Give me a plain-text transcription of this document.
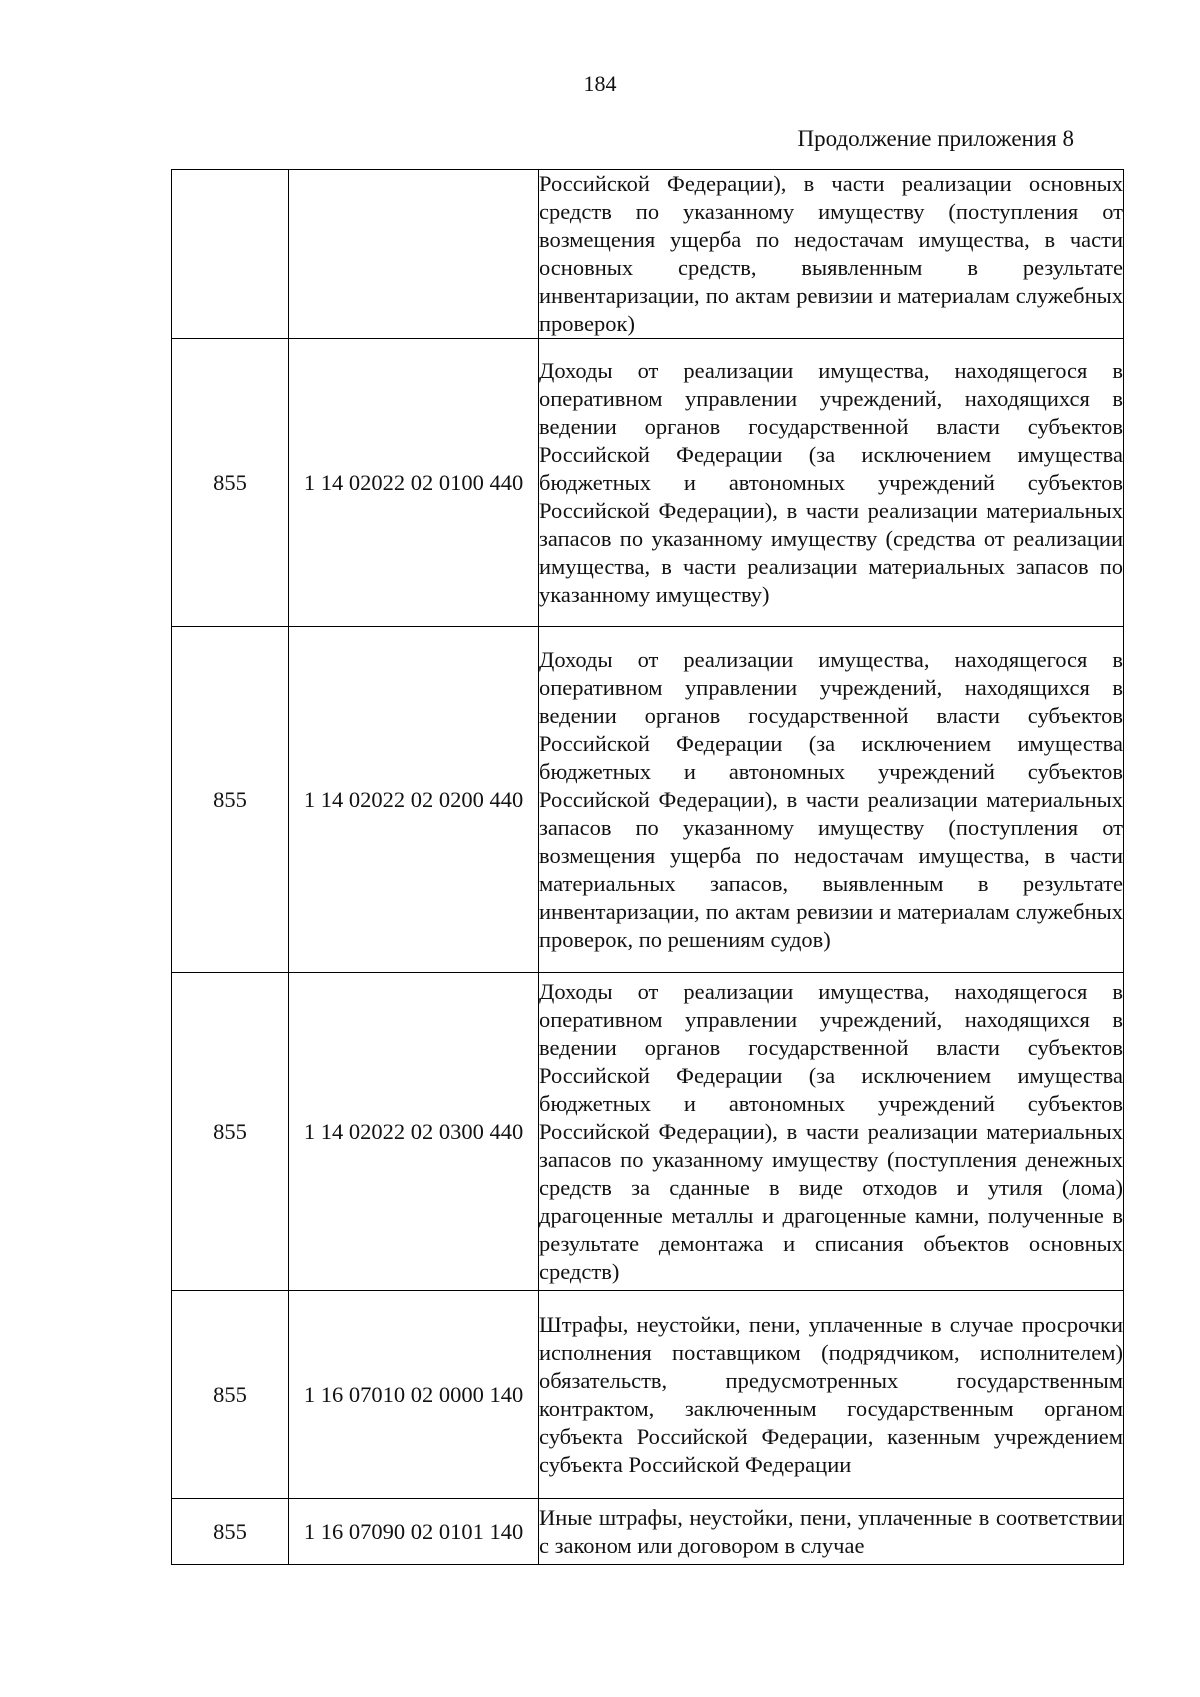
184
Продолжение приложения 8
		Российской Федерации), в части реализации основных средств по указанному имуществу (поступления от возмещения ущерба по недостачам имущества, в части основных средств, выявленным в результате инвентаризации, по актам ревизии и материалам служебных проверок)
855	1 14 02022 02 0100 440	Доходы от реализации имущества, находящегося в оперативном управлении учреждений, находящихся в ведении органов государственной власти субъектов Российской Федерации (за исключением имущества бюджетных и автономных учреждений субъектов Российской Федерации), в части реализации материальных запасов по указанному имуществу (средства от реализации имущества, в части реализации материальных запасов по указанному имуществу)
855	1 14 02022 02 0200 440	Доходы от реализации имущества, находящегося в оперативном управлении учреждений, находящихся в ведении органов государственной власти субъектов Российской Федерации (за исключением имущества бюджетных и автономных учреждений субъектов Российской Федерации), в части реализации материальных запасов по указанному имуществу (поступления от возмещения ущерба по недостачам имущества, в части материальных запасов, выявленным в результате инвентаризации, по актам ревизии и материалам служебных проверок, по решениям судов)
855	1 14 02022 02 0300 440	Доходы от реализации имущества, находящегося в оперативном управлении учреждений, находящихся в ведении органов государственной власти субъектов Российской Федерации (за исключением имущества бюджетных и автономных учреждений субъектов Российской Федерации), в части реализации материальных запасов по указанному имуществу (поступления денежных средств за сданные в виде отходов и утиля (лома) драгоценные металлы и драгоценные камни, полученные в результате демонтажа и списания объектов основных средств)
855	1 16 07010 02 0000 140	Штрафы, неустойки, пени, уплаченные в случае просрочки исполнения поставщиком (подрядчиком, исполнителем) обязательств, предусмотренных государственным контрактом, заключенным государственным органом субъекта Российской Федерации, казенным учреждением субъекта Российской Федерации
855	1 16 07090 02 0101 140	Иные штрафы, неустойки, пени, уплаченные в соответствии с законом или договором в случае
